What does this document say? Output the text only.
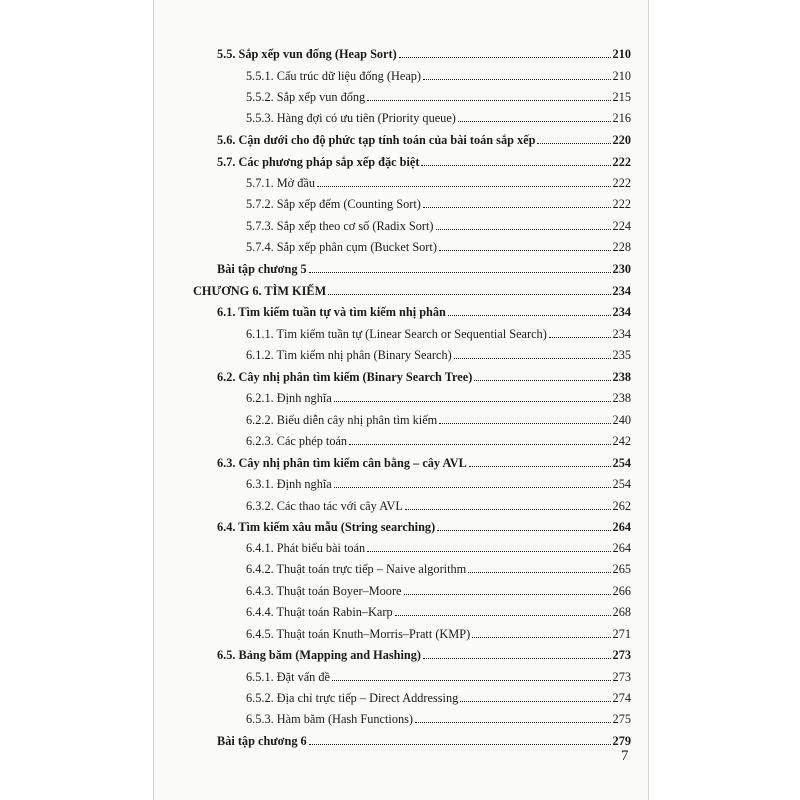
5.5. Sắp xếp vun đống (Heap Sort)	210
5.5.1. Cấu trúc dữ liệu đống (Heap)	210
5.5.2. Sắp xếp vun đống	215
5.5.3. Hàng đợi có ưu tiên (Priority queue)	216
5.6. Cận dưới cho độ phức tạp tính toán của bài toán sắp xếp	220
5.7. Các phương pháp sắp xếp đặc biệt	222
5.7.1. Mở đầu	222
5.7.2. Sắp xếp đếm (Counting Sort)	222
5.7.3. Sắp xếp theo cơ số (Radix Sort)	224
5.7.4. Sắp xếp phân cụm (Bucket Sort)	228
Bài tập chương 5	230
CHƯƠNG 6. TÌM KIẾM	234
6.1. Tìm kiếm tuần tự và tìm kiếm nhị phân	234
6.1.1. Tìm kiếm tuần tự (Linear Search or Sequential Search)	234
6.1.2. Tìm kiếm nhị phân (Binary Search)	235
6.2. Cây nhị phân tìm kiếm (Binary Search Tree)	238
6.2.1. Định nghĩa	238
6.2.2. Biểu diễn cây nhị phân tìm kiếm	240
6.2.3. Các phép toán	242
6.3. Cây nhị phân tìm kiếm cân bằng – cây AVL	254
6.3.1. Định nghĩa	254
6.3.2. Các thao tác với cây AVL	262
6.4. Tìm kiếm xâu mẫu (String searching)	264
6.4.1. Phát biểu bài toán	264
6.4.2. Thuật toán trực tiếp – Naive algorithm	265
6.4.3. Thuật toán Boyer–Moore	266
6.4.4. Thuật toán Rabin–Karp	268
6.4.5. Thuật toán Knuth–Morris–Pratt (KMP)	271
6.5. Bảng băm (Mapping and Hashing)	273
6.5.1. Đặt vấn đề	273
6.5.2. Địa chỉ trực tiếp – Direct Addressing	274
6.5.3. Hàm băm (Hash Functions)	275
Bài tập chương 6	279
7
